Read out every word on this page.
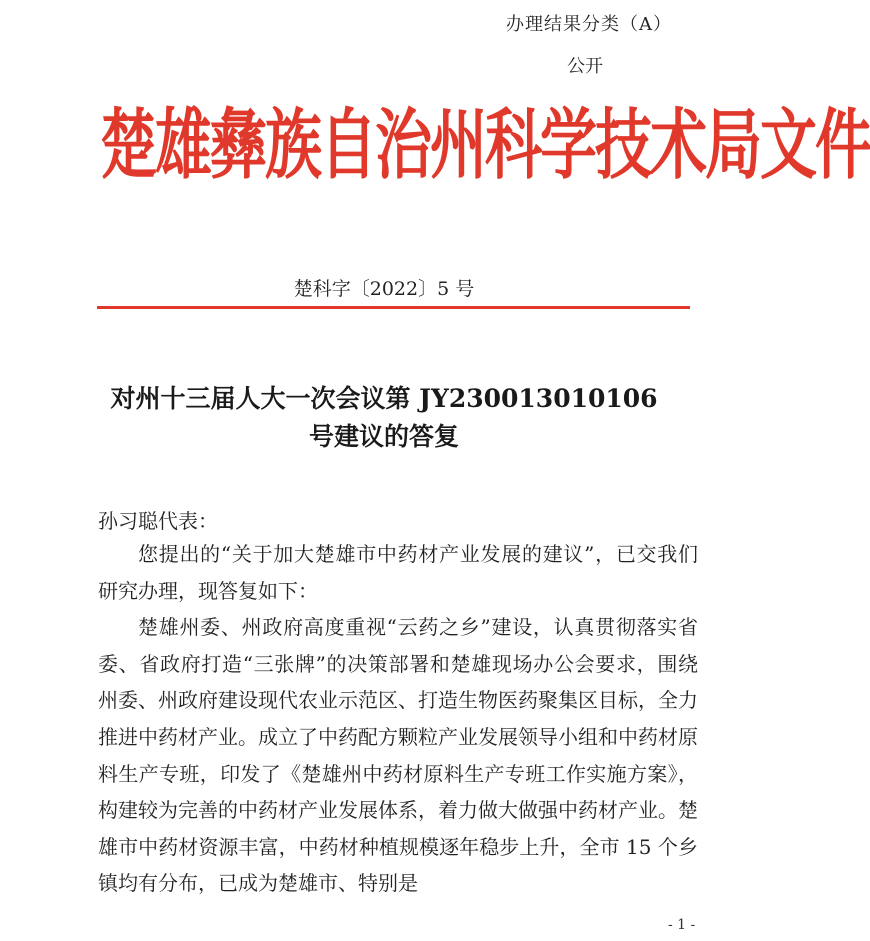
办理结果分类（A）
公开
楚雄彝族自治州科学技术局文件
楚科字〔2022〕5 号
对州十三届人大一次会议第 JY230013010106
号建议的答复
孙习聪代表：

您提出的“关于加大楚雄市中药材产业发展的建议”，已交我们研究办理，现答复如下：

楚雄州委、州政府高度重视“云药之乡”建设，认真贯彻落实省委、省政府打造“三张牌”的决策部署和楚雄现场办公会要求，围绕州委、州政府建设现代农业示范区、打造生物医药聚集区目标，全力推进中药材产业。成立了中药配方颗粒产业发展领导小组和中药材原料生产专班，印发了《楚雄州中药材原料生产专班工作实施方案》，构建较为完善的中药材产业发展体系，着力做大做强中药材产业。楚雄市中药材资源丰富，中药材种植规模逐年稳步上升，全市 15 个乡镇均有分布，已成为楚雄市、特别是

- 1 -
